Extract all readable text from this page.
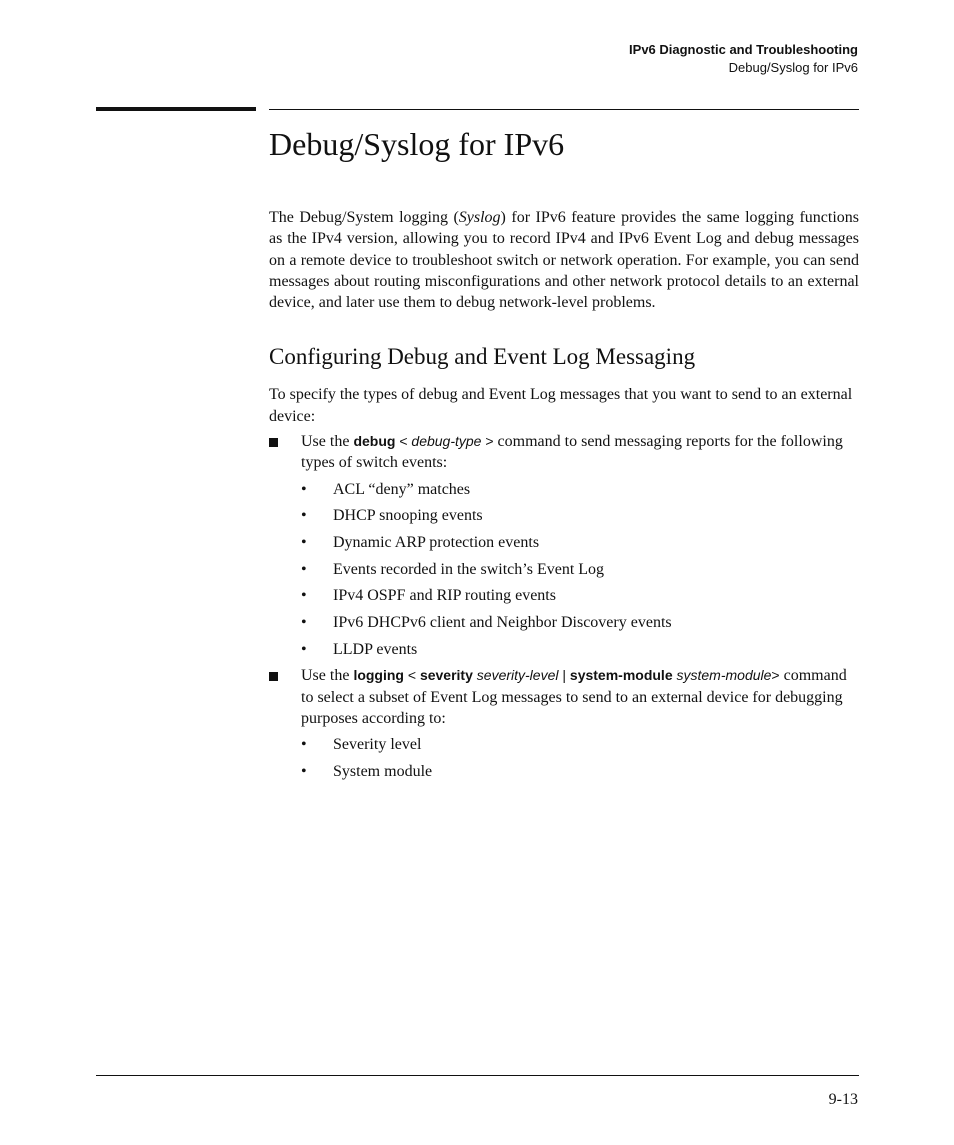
IPv6 Diagnostic and Troubleshooting
Debug/Syslog for IPv6
Debug/Syslog for IPv6

The Debug/System logging (Syslog) for IPv6 feature provides the same logging functions as the IPv4 version, allowing you to record IPv4 and IPv6 Event Log and debug messages on a remote device to troubleshoot switch or network operation. For example, you can send messages about routing misconfigurations and other network protocol details to an external device, and later use them to debug network-level problems.

Configuring Debug and Event Log Messaging

To specify the types of debug and Event Log messages that you want to send to an external device:

Use the debug < debug-type > command to send messaging reports for the following types of switch events:
• ACL “deny” matches
• DHCP snooping events
• Dynamic ARP protection events
• Events recorded in the switch’s Event Log
• IPv4 OSPF and RIP routing events
• IPv6 DHCPv6 client and Neighbor Discovery events
• LLDP events
Use the logging < severity severity-level | system-module system-module> command to select a subset of Event Log messages to send to an external device for debugging purposes according to:
• Severity level
• System module
9-13
